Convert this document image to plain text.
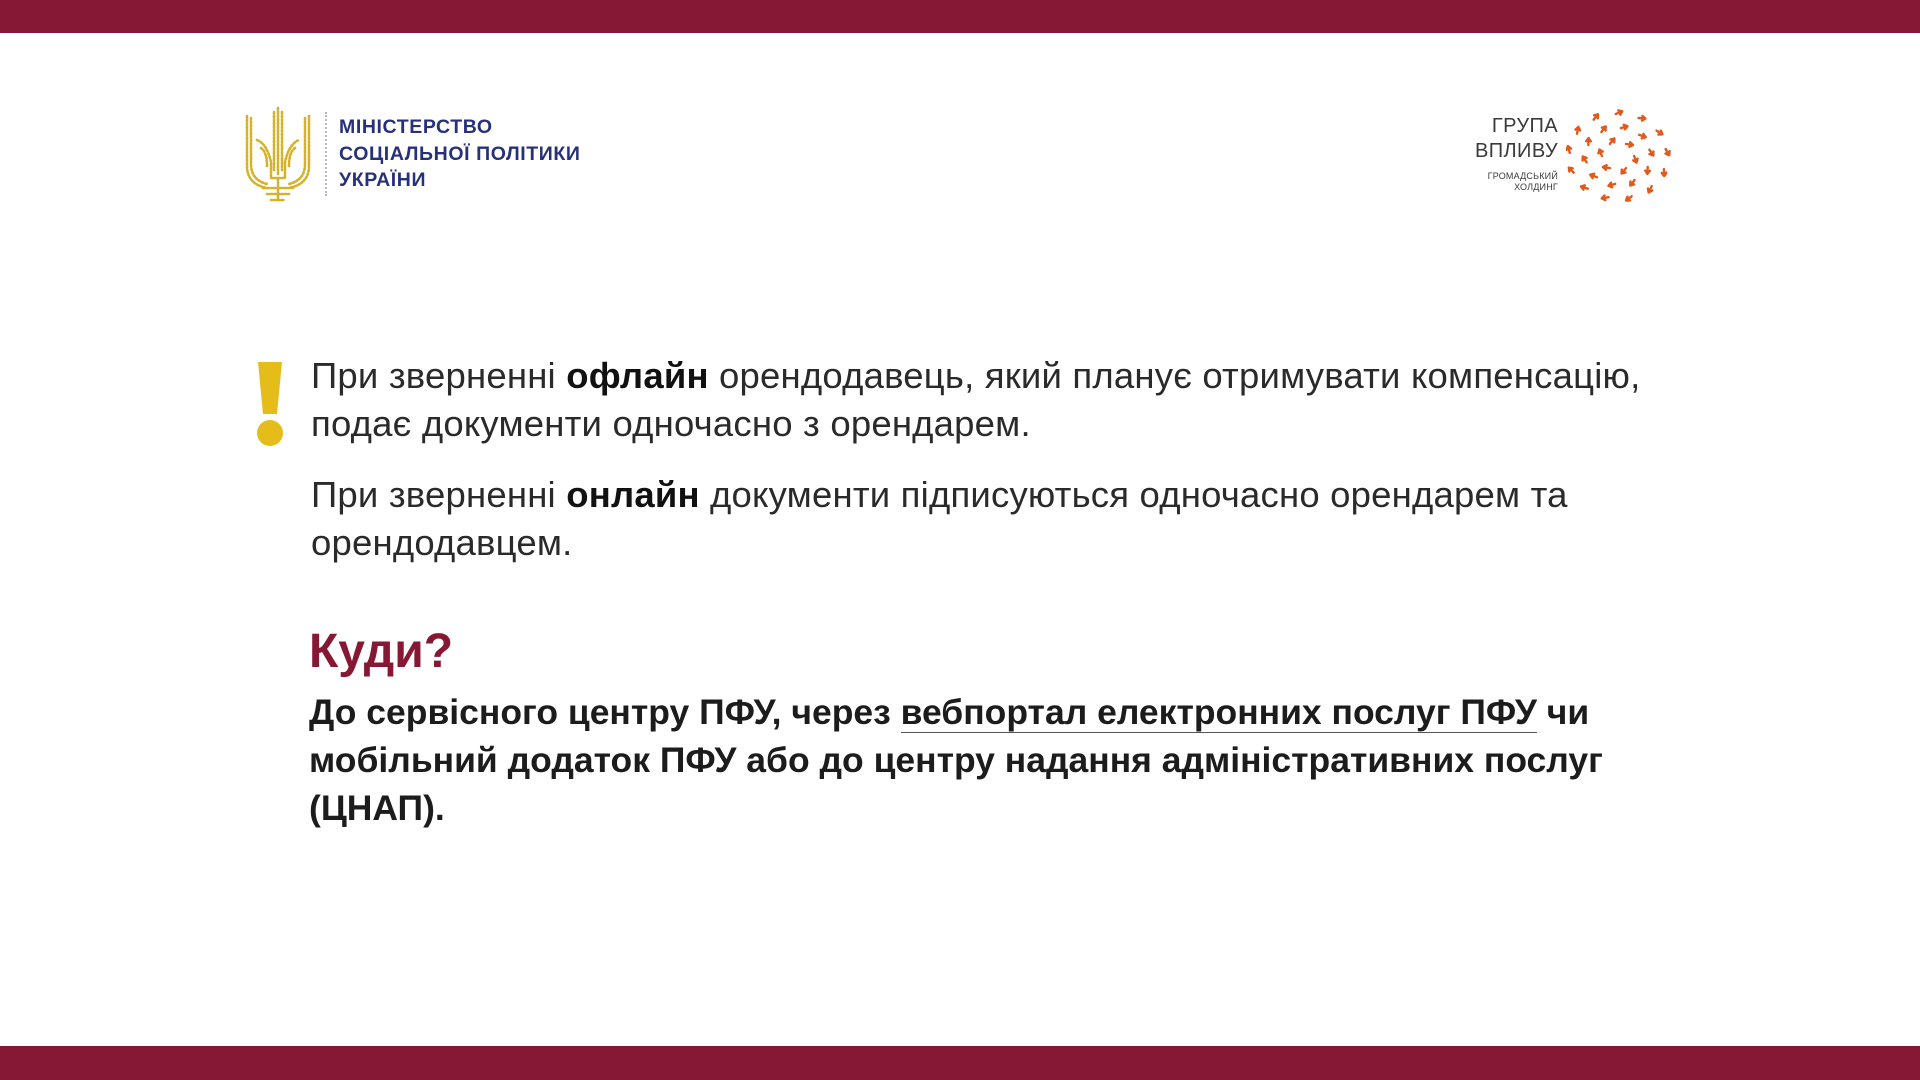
МІНІСТЕРСТВО
СОЦІАЛЬНОЇ ПОЛІТИКИ
УКРАЇНИ
ГРУПА
ВПЛИВУ
ГРОМАДСЬКИЙ
ХОЛДИНГ

При зверненні офлайн орендодавець, який планує отримувати компенсацію, подає документи одночасно з орендарем.

При зверненні онлайн документи підписуються одночасно орендарем та орендодавцем.

Куди?

До сервісного центру ПФУ, через вебпортал електронних послуг ПФУ чи мобільний додаток ПФУ або до центру надання адміністративних послуг (ЦНАП).
